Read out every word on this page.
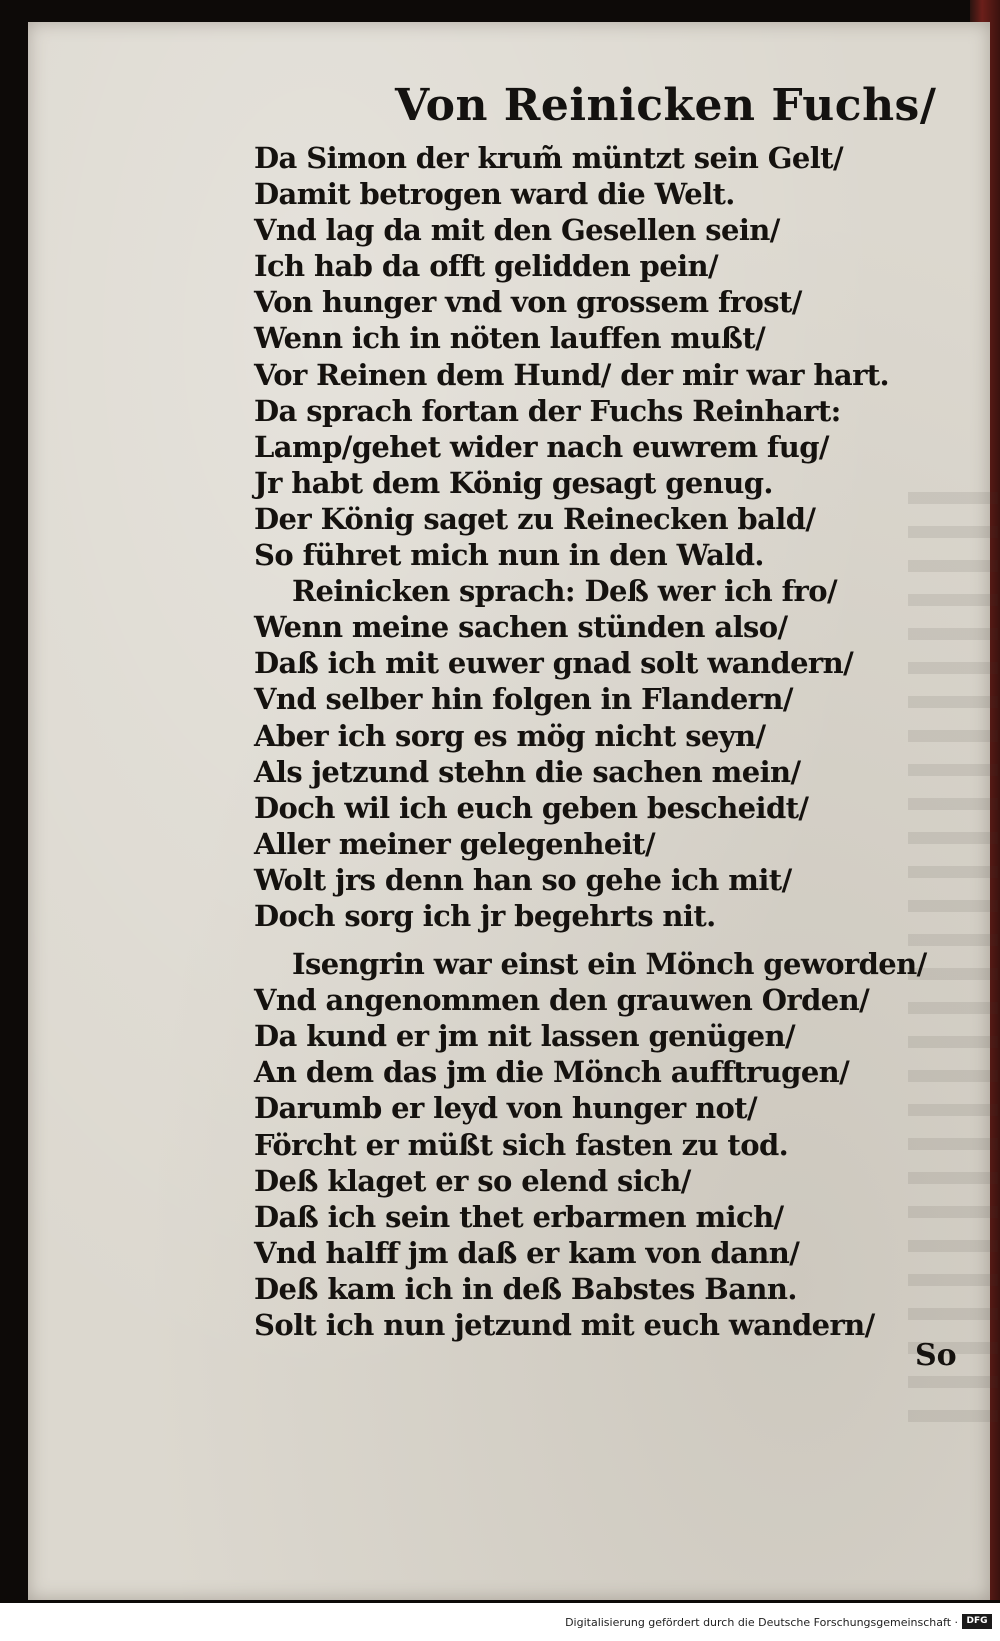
Von Reinicken Fuchs/
Da Simon der krum̃ müntzt sein Gelt/
Damit betrogen ward die Welt.
Vnd lag da mit den Gesellen sein/
Ich hab da offt gelidden pein/
Von hunger vnd von grossem frost/
Wenn ich in nöten lauffen mußt/
Vor Reinen dem Hund/ der mir war hart.
Da sprach fortan der Fuchs Reinhart:
Lamp/gehet wider nach euwrem fug/
Jr habt dem König gesagt genug.
Der König saget zu Reinecken bald/
So führet mich nun in den Wald.
Reinicken sprach: Deß wer ich fro/
Wenn meine sachen stünden also/
Daß ich mit euwer gnad solt wandern/
Vnd selber hin folgen in Flandern/
Aber ich sorg es mög nicht seyn/
Als jetzund stehn die sachen mein/
Doch wil ich euch geben bescheidt/
Aller meiner gelegenheit/
Wolt jrs denn han so gehe ich mit/
Doch sorg ich jr begehrts nit.
Isengrin war einst ein Mönch geworden/
Vnd angenommen den grauwen Orden/
Da kund er jm nit lassen genügen/
An dem das jm die Mönch aufftrugen/
Darumb er leyd von hunger not/
Förcht er müßt sich fasten zu tod.
Deß klaget er so elend sich/
Daß ich sein thet erbarmen mich/
Vnd halff jm daß er kam von dann/
Deß kam ich in deß Babstes Bann.
Solt ich nun jetzund mit euch wandern/
So
Digitalisierung gefördert durch die Deutsche Forschungsgemeinschaft · DFG
